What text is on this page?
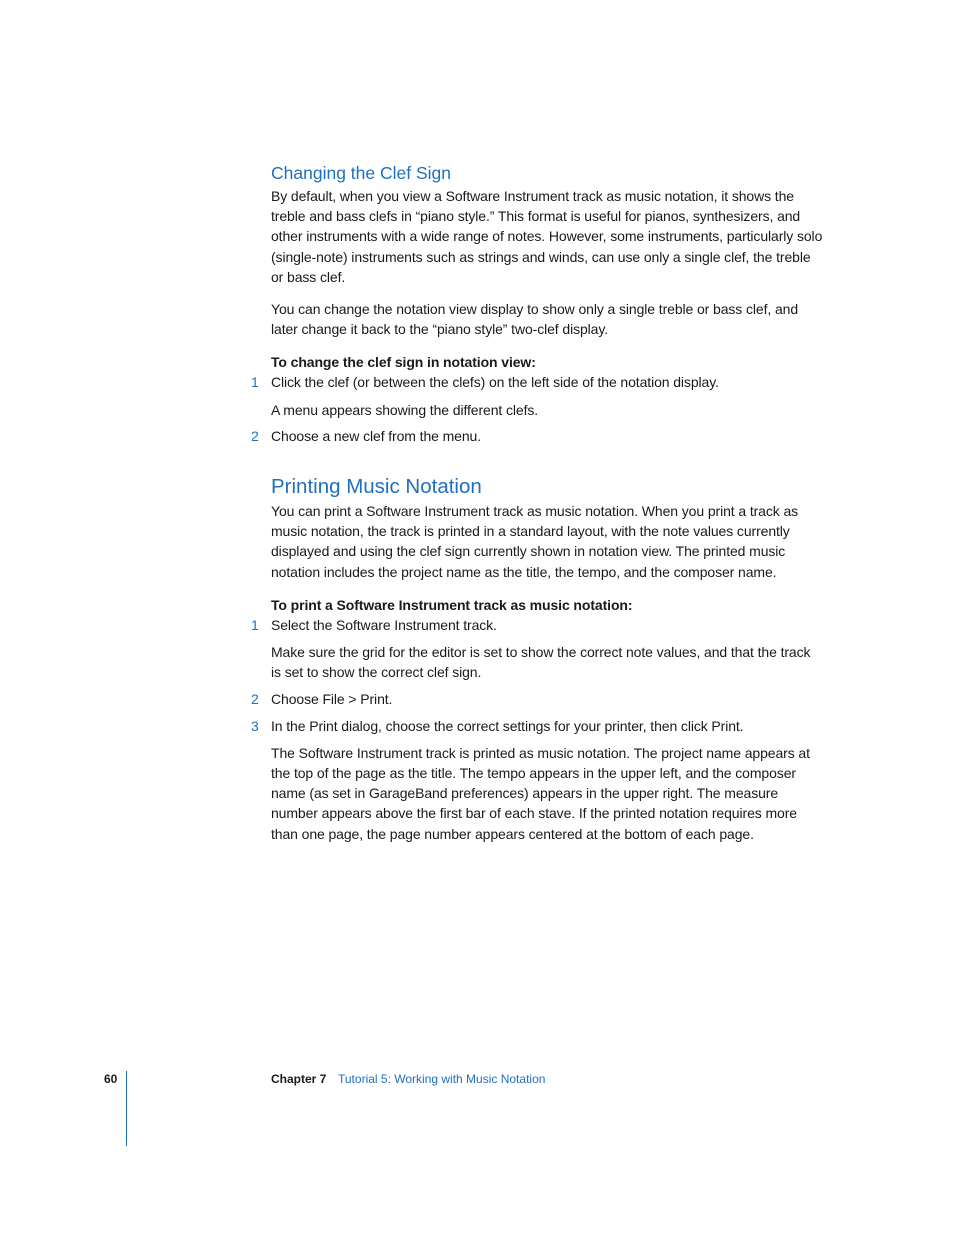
Changing the Clef Sign

By default, when you view a Software Instrument track as music notation, it shows the treble and bass clefs in “piano style.” This format is useful for pianos, synthesizers, and other instruments with a wide range of notes. However, some instruments, particularly solo (single-note) instruments such as strings and winds, can use only a single clef, the treble or bass clef.

You can change the notation view display to show only a single treble or bass clef, and later change it back to the “piano style” two-clef display.

To change the clef sign in notation view:

1 Click the clef (or between the clefs) on the left side of the notation display.

A menu appears showing the different clefs.

2 Choose a new clef from the menu.
Printing Music Notation

You can print a Software Instrument track as music notation. When you print a track as music notation, the track is printed in a standard layout, with the note values currently displayed and using the clef sign currently shown in notation view. The printed music notation includes the project name as the title, the tempo, and the composer name.

To print a Software Instrument track as music notation:

1 Select the Software Instrument track.

Make sure the grid for the editor is set to show the correct note values, and that the track is set to show the correct clef sign.

2 Choose File > Print.
3 In the Print dialog, choose the correct settings for your printer, then click Print.

The Software Instrument track is printed as music notation. The project name appears at the top of the page as the title. The tempo appears in the upper left, and the composer name (as set in GarageBand preferences) appears in the upper right. The measure number appears above the first bar of each stave. If the printed notation requires more than one page, the page number appears centered at the bottom of each page.

60	Chapter 7 Tutorial 5: Working with Music Notation
